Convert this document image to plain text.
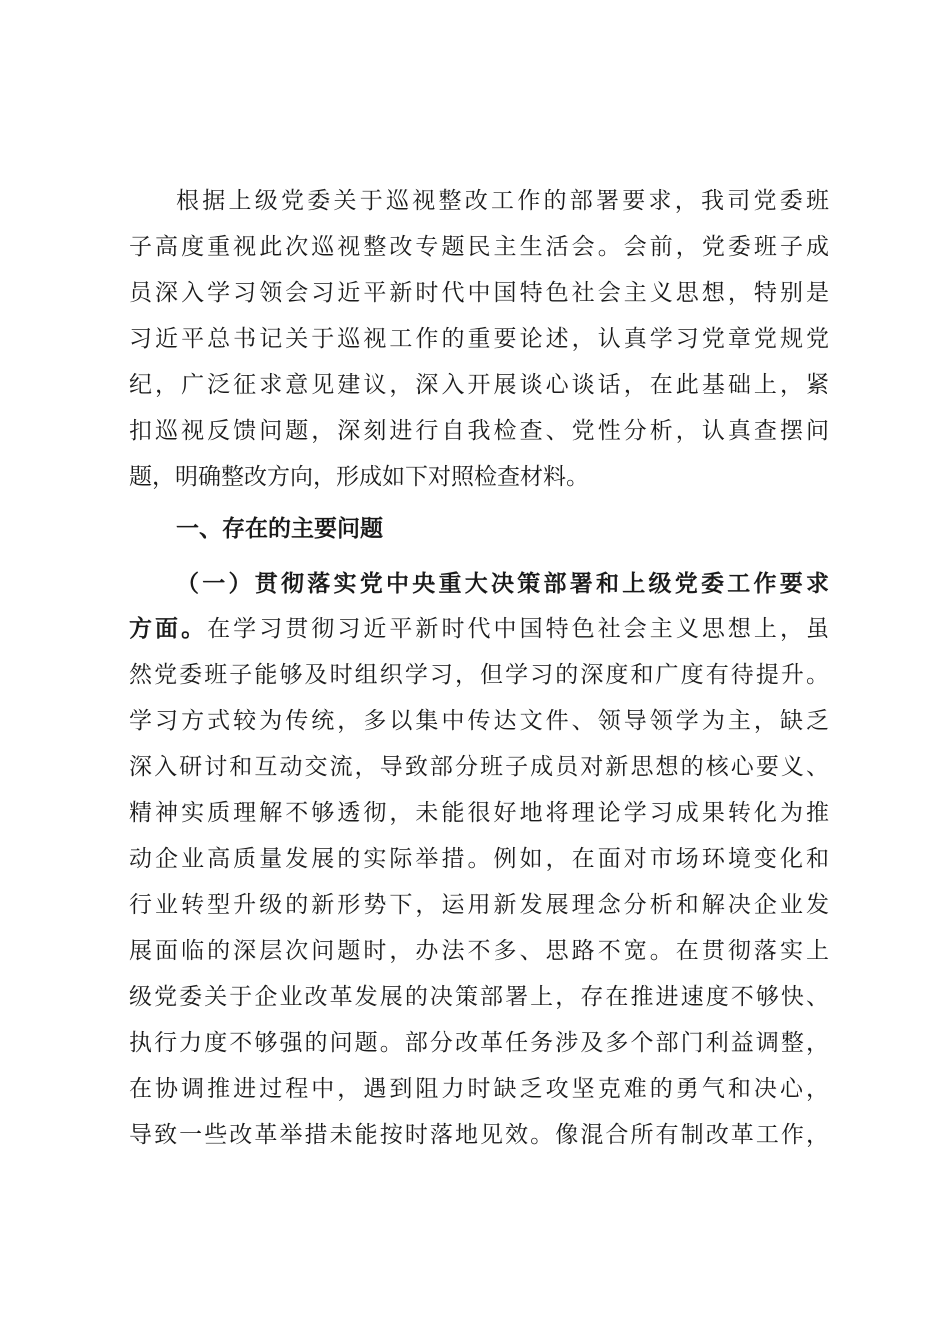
根据上级党委关于巡视整改工作的部署要求，我司党委班
子高度重视此次巡视整改专题民主生活会。会前，党委班子成
员深入学习领会习近平新时代中国特色社会主义思想，特别是
习近平总书记关于巡视工作的重要论述，认真学习党章党规党
纪，广泛征求意见建议，深入开展谈心谈话，在此基础上，紧
扣巡视反馈问题，深刻进行自我检查、党性分析，认真查摆问
题，明确整改方向，形成如下对照检查材料。
一、存在的主要问题
（一）贯彻落实党中央重大决策部署和上级党委工作要求
方面。在学习贯彻习近平新时代中国特色社会主义思想上，虽
然党委班子能够及时组织学习，但学习的深度和广度有待提升。
学习方式较为传统，多以集中传达文件、领导领学为主，缺乏
深入研讨和互动交流，导致部分班子成员对新思想的核心要义、
精神实质理解不够透彻，未能很好地将理论学习成果转化为推
动企业高质量发展的实际举措。例如，在面对市场环境变化和
行业转型升级的新形势下，运用新发展理念分析和解决企业发
展面临的深层次问题时，办法不多、思路不宽。在贯彻落实上
级党委关于企业改革发展的决策部署上，存在推进速度不够快、
执行力度不够强的问题。部分改革任务涉及多个部门利益调整，
在协调推进过程中，遇到阻力时缺乏攻坚克难的勇气和决心，
导致一些改革举措未能按时落地见效。像混合所有制改革工作，
